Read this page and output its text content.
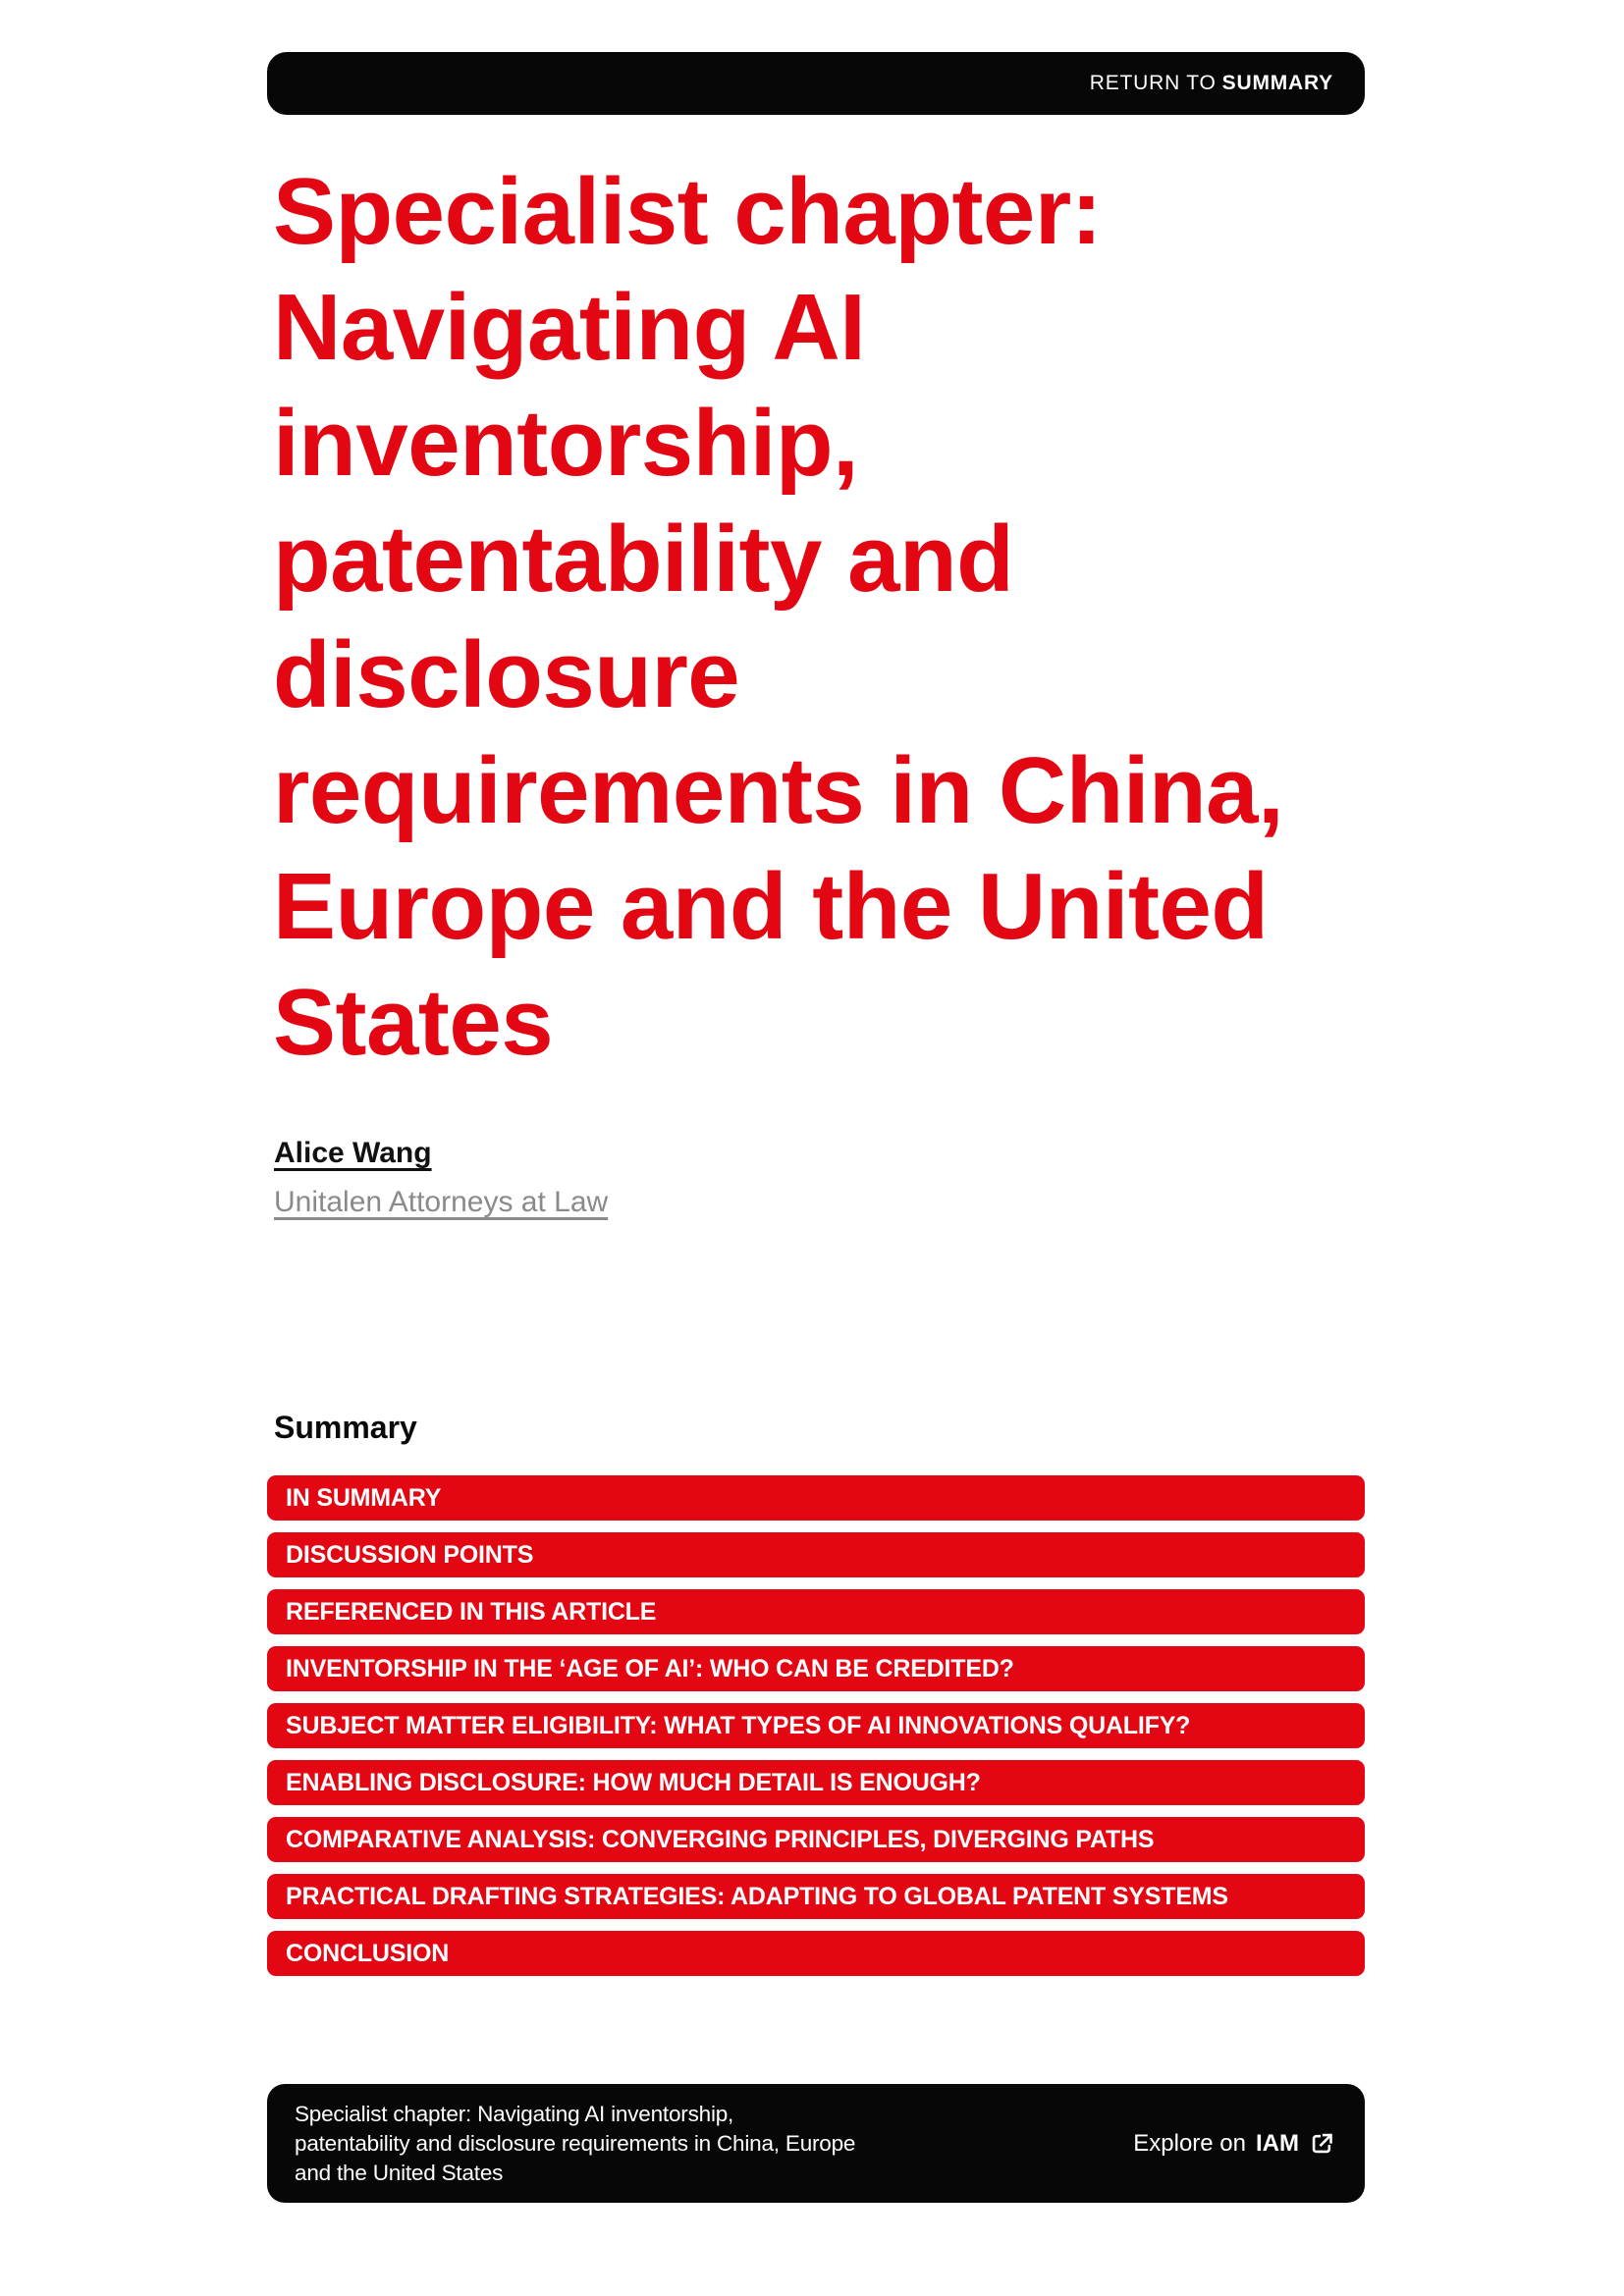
RETURN TO SUMMARY
Specialist chapter:
Navigating AI
inventorship,
patentability and
disclosure
requirements in China,
Europe and the United
States
Alice Wang
Unitalen Attorneys at Law
Summary
IN SUMMARY
DISCUSSION POINTS
REFERENCED IN THIS ARTICLE
INVENTORSHIP IN THE ‘AGE OF AI’: WHO CAN BE CREDITED?
SUBJECT MATTER ELIGIBILITY: WHAT TYPES OF AI INNOVATIONS QUALIFY?
ENABLING DISCLOSURE: HOW MUCH DETAIL IS ENOUGH?
COMPARATIVE ANALYSIS: CONVERGING PRINCIPLES, DIVERGING PATHS
PRACTICAL DRAFTING STRATEGIES: ADAPTING TO GLOBAL PATENT SYSTEMS
CONCLUSION
Specialist chapter: Navigating AI inventorship,
patentability and disclosure requirements in China, Europe
and the United States
Explore on IAM
